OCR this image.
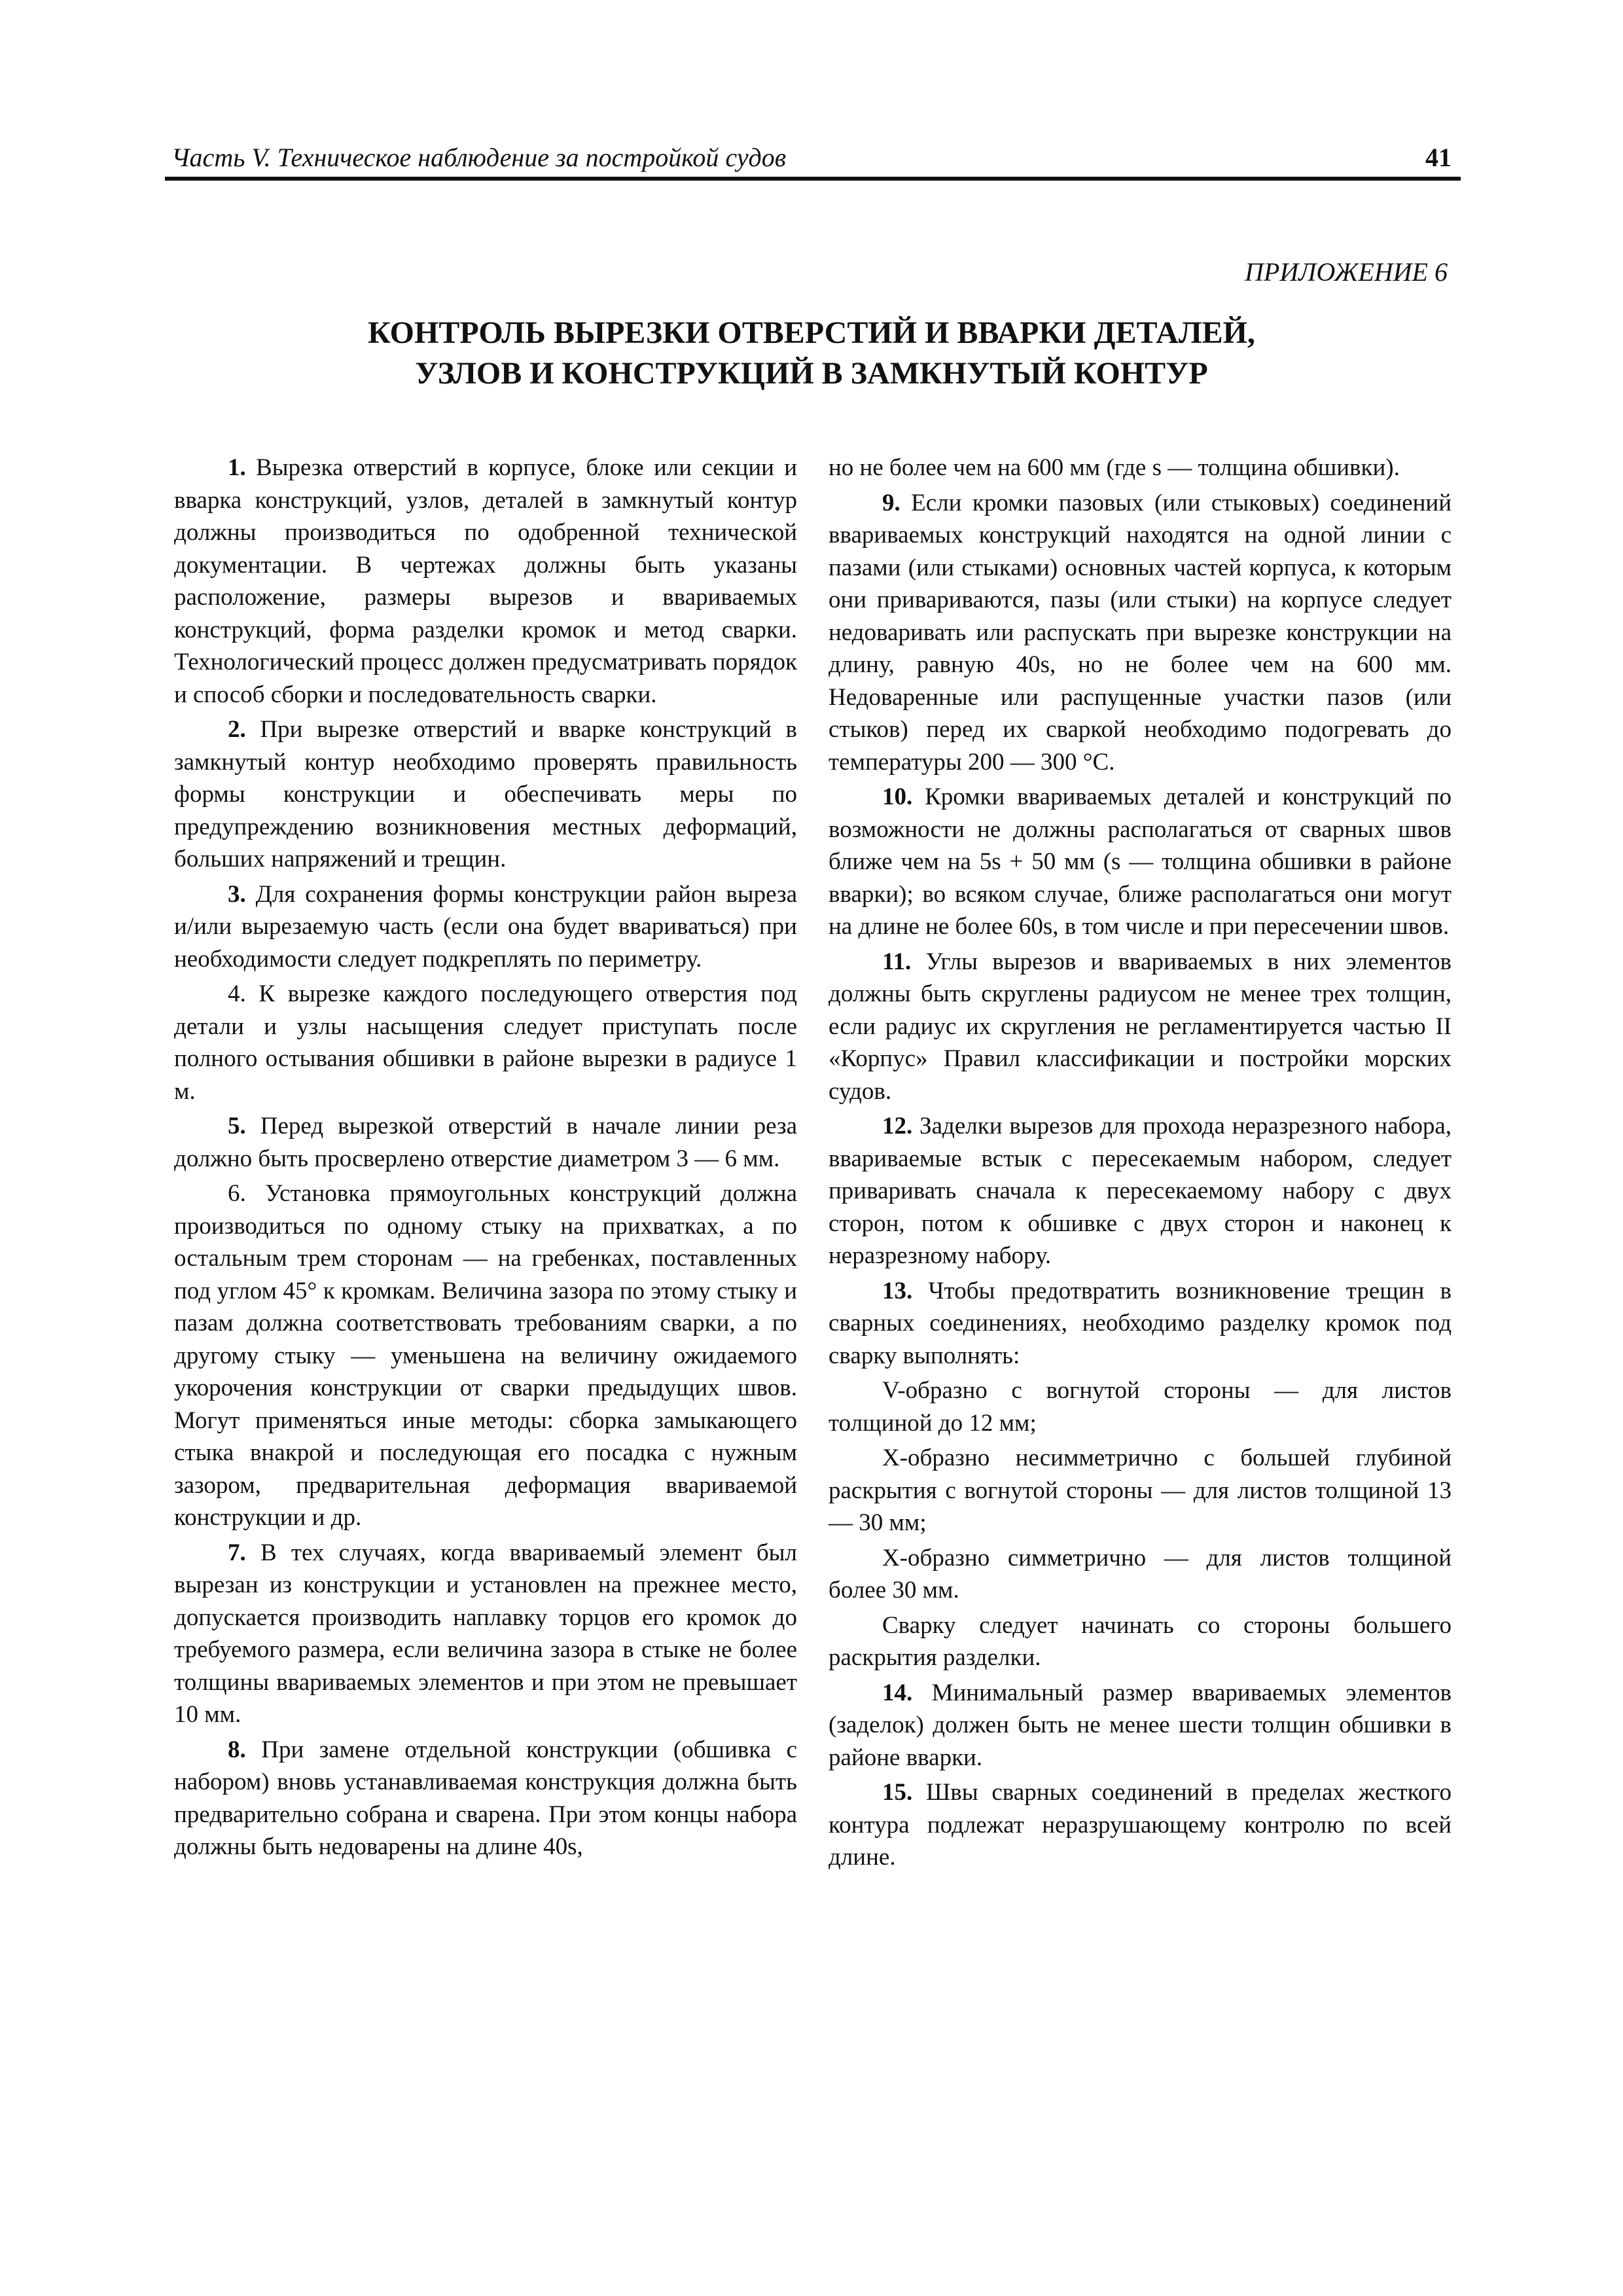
Часть V. Техническое наблюдение за постройкой судов	41
ПРИЛОЖЕНИЕ 6
КОНТРОЛЬ ВЫРЕЗКИ ОТВЕРСТИЙ И ВВАРКИ ДЕТАЛЕЙ,
УЗЛОВ И КОНСТРУКЦИЙ В ЗАМКНУТЫЙ КОНТУР

1. Вырезка отверстий в корпусе, блоке или секции и вварка конструкций, узлов, деталей в замкнутый контур должны производиться по одобренной технической документации. В чертежах должны быть указаны расположение, размеры вырезов и ввариваемых конструкций, форма разделки кромок и метод сварки. Технологический процесс должен предусматривать порядок и способ сборки и последовательность сварки.

2. При вырезке отверстий и вварке конструкций в замкнутый контур необходимо проверять правильность формы конструкции и обеспечивать меры по предупреждению возникновения местных деформаций, больших напряжений и трещин.

3. Для сохранения формы конструкции район выреза и/или вырезаемую часть (если она будет ввариваться) при необходимости следует подкреплять по периметру.

4. К вырезке каждого последующего отверстия под детали и узлы насыщения следует приступать после полного остывания обшивки в районе вырезки в радиусе 1 м.

5. Перед вырезкой отверстий в начале линии реза должно быть просверлено отверстие диаметром 3 — 6 мм.

6. Установка прямоугольных конструкций должна производиться по одному стыку на прихватках, а по остальным трем сторонам — на гребенках, поставленных под углом 45° к кромкам. Величина зазора по этому стыку и пазам должна соответствовать требованиям сварки, а по другому стыку — уменьшена на величину ожидаемого укорочения конструкции от сварки предыдущих швов. Могут применяться иные методы: сборка замыкающего стыка внакрой и последующая его посадка с нужным зазором, предварительная деформация ввариваемой конструкции и др.

7. В тех случаях, когда ввариваемый элемент был вырезан из конструкции и установлен на прежнее место, допускается производить наплавку торцов его кромок до требуемого размера, если величина зазора в стыке не более толщины ввариваемых элементов и при этом не превышает 10 мм.

8. При замене отдельной конструкции (обшивка с набором) вновь устанавливаемая конструкция должна быть предварительно собрана и сварена. При этом концы набора должны быть недоварены на длине 40s,

но не более чем на 600 мм (где s — толщина обшивки).

9. Если кромки пазовых (или стыковых) соединений ввариваемых конструкций находятся на одной линии с пазами (или стыками) основных частей корпуса, к которым они привариваются, пазы (или стыки) на корпусе следует недоваривать или распускать при вырезке конструкции на длину, равную 40s, но не более чем на 600 мм. Недоваренные или распущенные участки пазов (или стыков) перед их сваркой необходимо подогревать до температуры 200 — 300 °С.

10. Кромки ввариваемых деталей и конструкций по возможности не должны располагаться от сварных швов ближе чем на 5s + 50 мм (s — толщина обшивки в районе вварки); во всяком случае, ближе располагаться они могут на длине не более 60s, в том числе и при пересечении швов.

11. Углы вырезов и ввариваемых в них элементов должны быть скруглены радиусом не менее трех толщин, если радиус их скругления не регламентируется частью II «Корпус» Правил классификации и постройки морских судов.

12. Заделки вырезов для прохода неразрезного набора, ввариваемые встык с пересекаемым набором, следует приваривать сначала к пересекаемому набору с двух сторон, потом к обшивке с двух сторон и наконец к неразрезному набору.

13. Чтобы предотвратить возникновение трещин в сварных соединениях, необходимо разделку кромок под сварку выполнять:

V-образно с вогнутой стороны — для листов толщиной до 12 мм;

Х-образно несимметрично с большей глубиной раскрытия с вогнутой стороны — для листов толщиной 13 — 30 мм;

Х-образно симметрично — для листов толщиной более 30 мм.

Сварку следует начинать со стороны большего раскрытия разделки.

14. Минимальный размер ввариваемых элементов (заделок) должен быть не менее шести толщин обшивки в районе вварки.

15. Швы сварных соединений в пределах жесткого контура подлежат неразрушающему контролю по всей длине.
